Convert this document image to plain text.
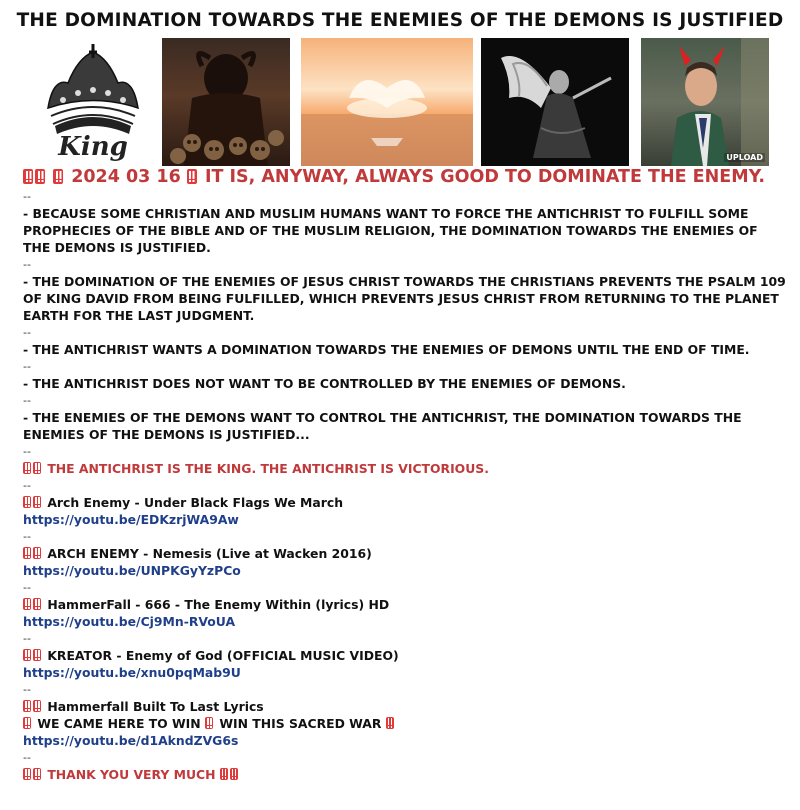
THE DOMINATION TOWARDS THE ENEMIES OF THE DEMONS IS JUSTIFIED
King	UPLOAD
2024 03 16 IT IS, ANYWAY, ALWAYS GOOD TO DOMINATE THE ENEMY.
--
- BECAUSE SOME CHRISTIAN AND MUSLIM HUMANS WANT TO FORCE THE ANTICHRIST TO FULFILL SOME PROPHECIES OF THE BIBLE AND OF THE MUSLIM RELIGION, THE DOMINATION TOWARDS THE ENEMIES OF THE DEMONS IS JUSTIFIED.
--
- THE DOMINATION OF THE ENEMIES OF JESUS CHRIST TOWARDS THE CHRISTIANS PREVENTS THE PSALM 109 OF KING DAVID FROM BEING FULFILLED, WHICH PREVENTS JESUS CHRIST FROM RETURNING TO THE PLANET EARTH FOR THE LAST JUDGMENT.
--
- THE ANTICHRIST WANTS A DOMINATION TOWARDS THE ENEMIES OF DEMONS UNTIL THE END OF TIME.
--
- THE ANTICHRIST DOES NOT WANT TO BE CONTROLLED BY THE ENEMIES OF DEMONS.
--
- THE ENEMIES OF THE DEMONS WANT TO CONTROL THE ANTICHRIST, THE DOMINATION TOWARDS THE ENEMIES OF THE DEMONS IS JUSTIFIED...
--
THE ANTICHRIST IS THE KING. THE ANTICHRIST IS VICTORIOUS.
--
Arch Enemy - Under Black Flags We March
https://youtu.be/EDKzrjWA9Aw
--
ARCH ENEMY - Nemesis (Live at Wacken 2016)
https://youtu.be/UNPKGyYzPCo
--
HammerFall - 666 - The Enemy Within (lyrics) HD
https://youtu.be/Cj9Mn-RVoUA
--
KREATOR - Enemy of God (OFFICIAL MUSIC VIDEO)
https://youtu.be/xnu0pqMab9U
--
Hammerfall Built To Last Lyrics
WE CAME HERE TO WIN WIN THIS SACRED WAR
https://youtu.be/d1AkndZVG6s
--
THANK YOU VERY MUCH
